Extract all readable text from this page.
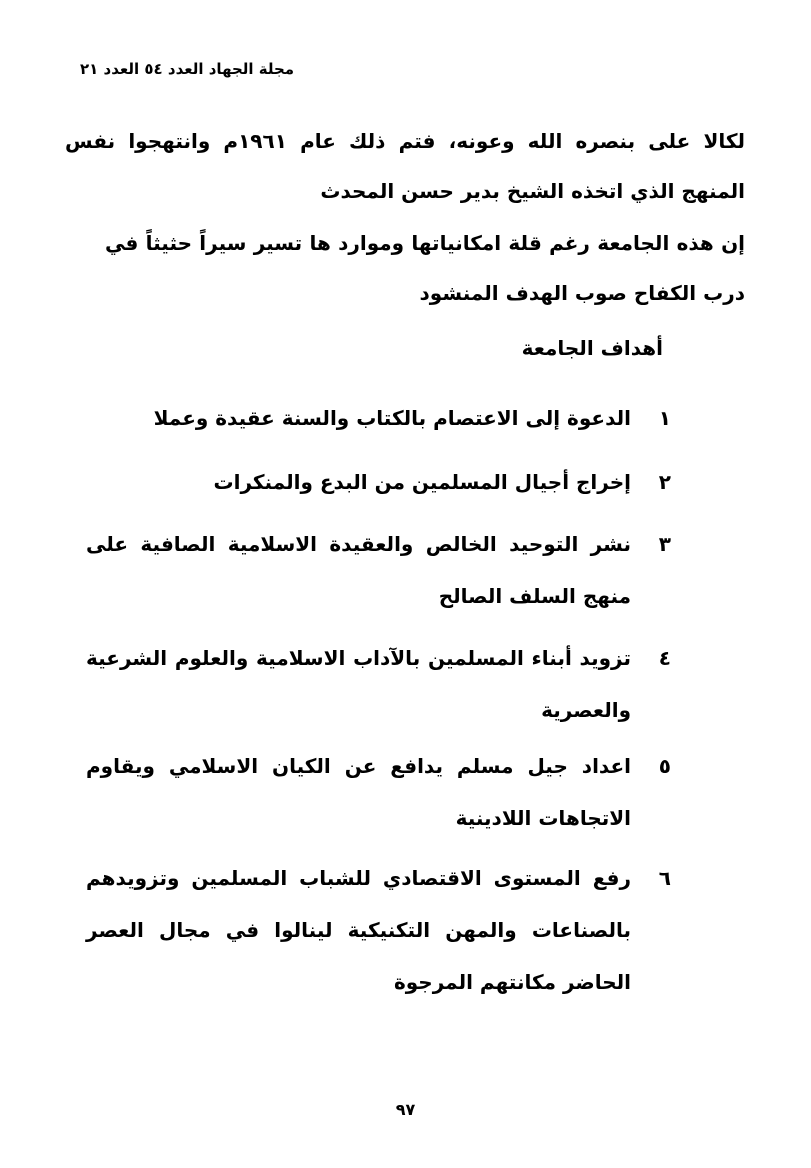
مجلة الجهاد العدد ٥٤ العدد ٢١
لكالا على بنصره الله وعونه، فتم ذلك عام ١٩٦١م وانتهجوا نفس المنهج الذي اتخذه الشيخ بدير حسن المحدث
إن هذه الجامعة رغم قلة امكانياتها وموارد ها تسير سيراً حثيثاً في درب الكفاح صوب الهدف المنشود
أهداف الجامعة
١
الدعوة إلى الاعتصام بالكتاب والسنة عقيدة وعملا
٢
إخراج أجيال المسلمين من البدع والمنكرات
٣
نشر التوحيد الخالص والعقيدة الاسلامية الصافية على منهج السلف الصالح
٤
تزويد أبناء المسلمين بالآداب الاسلامية والعلوم الشرعية والعصرية
٥
اعداد جيل مسلم يدافع عن الكيان الاسلامي ويقاوم الاتجاهات اللادينية
٦
رفع المستوى الاقتصادي للشباب المسلمين وتزويدهم بالصناعات والمهن التكنيكية لينالوا في مجال العصر الحاضر مكانتهم المرجوة
٩٧
